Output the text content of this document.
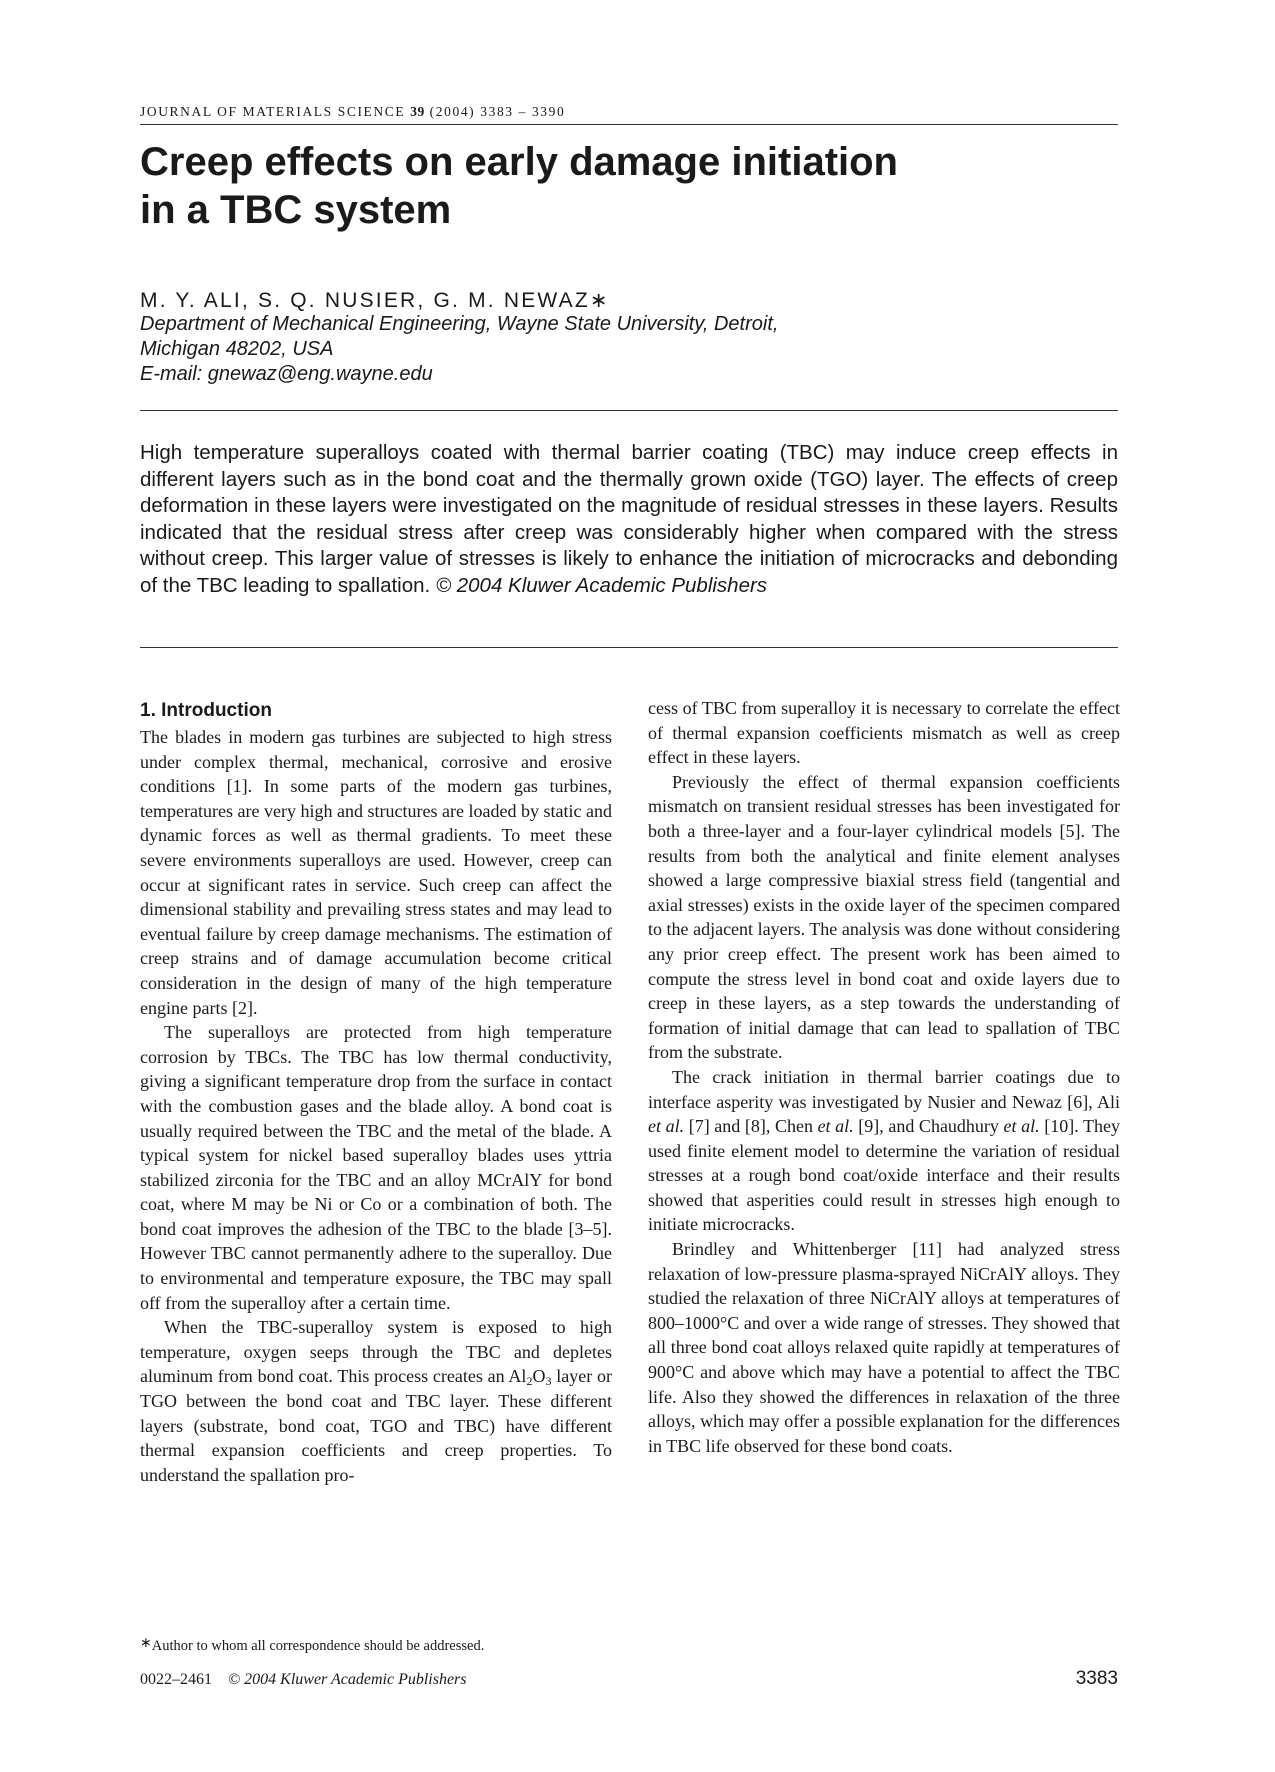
JOURNAL OF MATERIALS SCIENCE 39 (2004) 3383 – 3390
Creep effects on early damage initiation
in a TBC system
M. Y. ALI, S. Q. NUSIER, G. M. NEWAZ∗
Department of Mechanical Engineering, Wayne State University, Detroit,
Michigan 48202, USA
E-mail: gnewaz@eng.wayne.edu

High temperature superalloys coated with thermal barrier coating (TBC) may induce creep effects in different layers such as in the bond coat and the thermally grown oxide (TGO) layer. The effects of creep deformation in these layers were investigated on the magnitude of residual stresses in these layers. Results indicated that the residual stress after creep was considerably higher when compared with the stress without creep. This larger value of stresses is likely to enhance the initiation of microcracks and debonding of the TBC leading to spallation. © 2004 Kluwer Academic Publishers

1. Introduction

The blades in modern gas turbines are subjected to high stress under complex thermal, mechanical, corrosive and erosive conditions [1]. In some parts of the modern gas turbines, temperatures are very high and structures are loaded by static and dynamic forces as well as thermal gradients. To meet these severe environments superalloys are used. However, creep can occur at significant rates in service. Such creep can affect the dimensional stability and prevailing stress states and may lead to eventual failure by creep damage mechanisms. The estimation of creep strains and of damage accumulation become critical consideration in the design of many of the high temperature engine parts [2].

The superalloys are protected from high temperature corrosion by TBCs. The TBC has low thermal conductivity, giving a significant temperature drop from the surface in contact with the combustion gases and the blade alloy. A bond coat is usually required between the TBC and the metal of the blade. A typical system for nickel based superalloy blades uses yttria stabilized zirconia for the TBC and an alloy MCrAlY for bond coat, where M may be Ni or Co or a combination of both. The bond coat improves the adhesion of the TBC to the blade [3–5]. However TBC cannot permanently adhere to the superalloy. Due to environmental and temperature exposure, the TBC may spall off from the superalloy after a certain time.

When the TBC-superalloy system is exposed to high temperature, oxygen seeps through the TBC and depletes aluminum from bond coat. This process creates an $Al_2O_3$ layer or TGO between the bond coat and TBC layer. These different layers (substrate, bond coat, TGO and TBC) have different thermal expansion coefficients and creep properties. To understand the spallation pro-

cess of TBC from superalloy it is necessary to correlate the effect of thermal expansion coefficients mismatch as well as creep effect in these layers.

Previously the effect of thermal expansion coefficients mismatch on transient residual stresses has been investigated for both a three-layer and a four-layer cylindrical models [5]. The results from both the analytical and finite element analyses showed a large compressive biaxial stress field (tangential and axial stresses) exists in the oxide layer of the specimen compared to the adjacent layers. The analysis was done without considering any prior creep effect. The present work has been aimed to compute the stress level in bond coat and oxide layers due to creep in these layers, as a step towards the understanding of formation of initial damage that can lead to spallation of TBC from the substrate.

The crack initiation in thermal barrier coatings due to interface asperity was investigated by Nusier and Newaz [6], Ali et al. [7] and [8], Chen et al. [9], and Chaudhury et al. [10]. They used finite element model to determine the variation of residual stresses at a rough bond coat/oxide interface and their results showed that asperities could result in stresses high enough to initiate microcracks.

Brindley and Whittenberger [11] had analyzed stress relaxation of low-pressure plasma-sprayed NiCrAlY alloys. They studied the relaxation of three NiCrAlY alloys at temperatures of 800–1000°C and over a wide range of stresses. They showed that all three bond coat alloys relaxed quite rapidly at temperatures of 900°C and above which may have a potential to affect the TBC life. Also they showed the differences in relaxation of the three alloys, which may offer a possible explanation for the differences in TBC life observed for these bond coats.

∗Author to whom all correspondence should be addressed.
0022–2461 © 2004 Kluwer Academic Publishers	3383
